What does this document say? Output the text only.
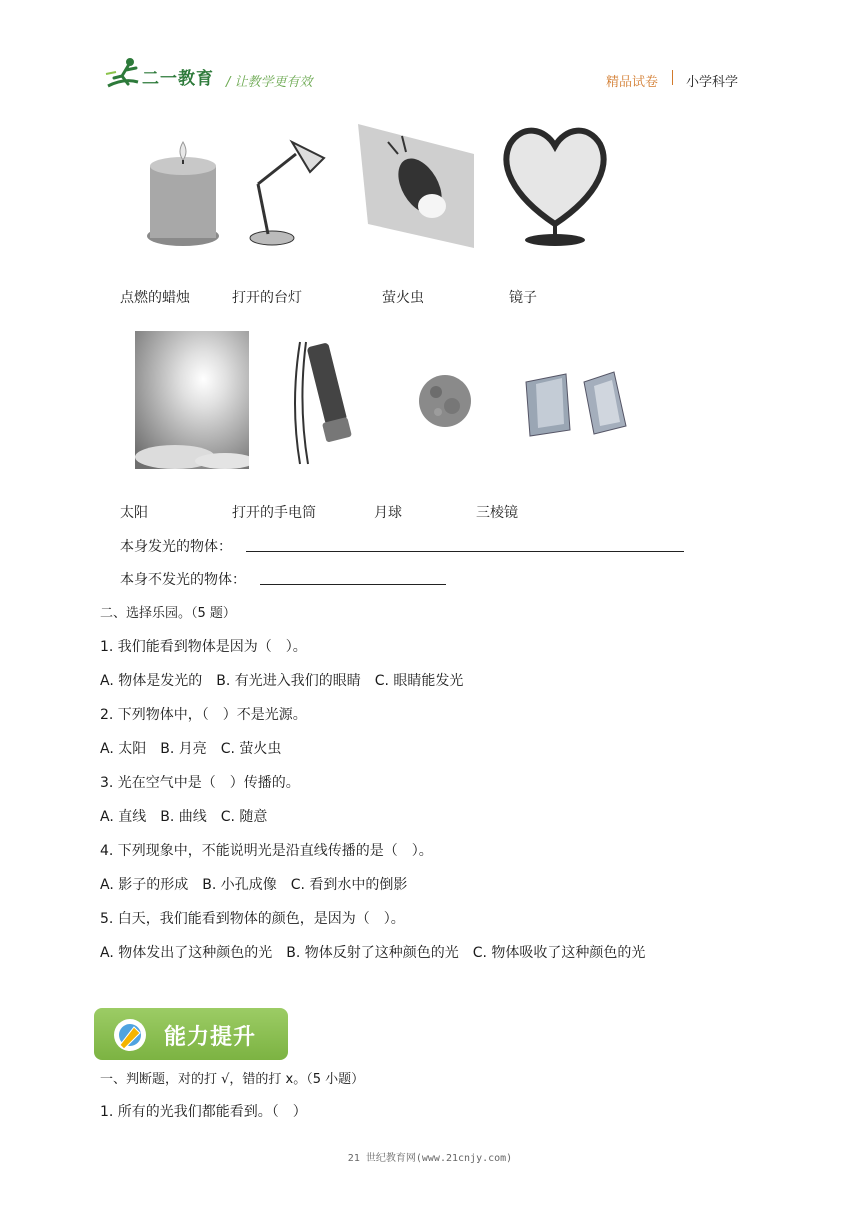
二一教育 / 让教学更有效	精品试卷 小学科学
点燃的蜡烛	打开的台灯	萤火虫	镜子
太阳	打开的手电筒	月球	三棱镜
本身发光的物体：
本身不发光的物体：
二、选择乐园。（5 题）
1. 我们能看到物体是因为（　）。
A. 物体是发光的　B. 有光进入我们的眼睛　C. 眼睛能发光
2. 下列物体中，（　）不是光源。
A. 太阳　B. 月亮　C. 萤火虫
3. 光在空气中是（　）传播的。
A. 直线　B. 曲线　C. 随意
4. 下列现象中，不能说明光是沿直线传播的是（　）。
A. 影子的形成　B. 小孔成像　C. 看到水中的倒影
5. 白天，我们能看到物体的颜色，是因为（　）。
A. 物体发出了这种颜色的光　B. 物体反射了这种颜色的光　C. 物体吸收了这种颜色的光
能力提升
一、判断题，对的打 √，错的打 x。（5 小题）
1. 所有的光我们都能看到。（　）
21 世纪教育网(www.21cnjy.com)
